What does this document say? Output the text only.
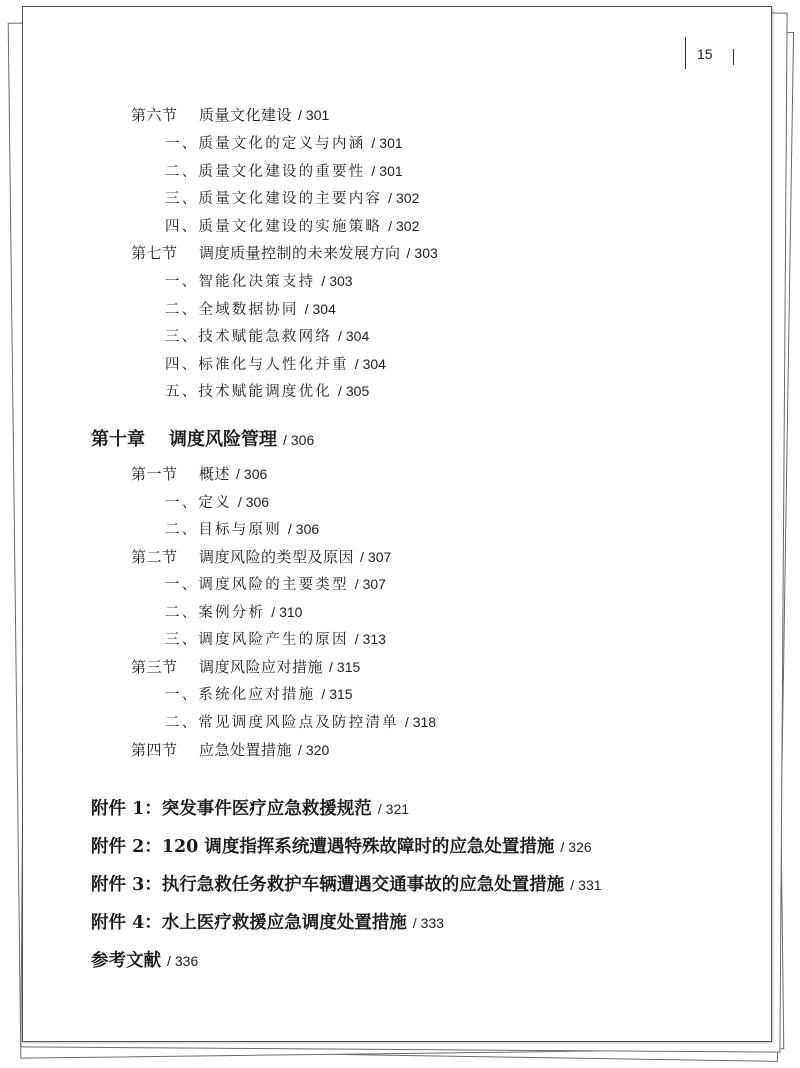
15
第六节 质量文化建设 / 301
一、质量文化的定义与内涵 / 301
二、质量文化建设的重要性 / 301
三、质量文化建设的主要内容 / 302
四、质量文化建设的实施策略 / 302
第七节 调度质量控制的未来发展方向 / 303
一、智能化决策支持 / 303
二、全域数据协同 / 304
三、技术赋能急救网络 / 304
四、标准化与人性化并重 / 304
五、技术赋能调度优化 / 305
第十章 调度风险管理 / 306
第一节 概述 / 306
一、定义 / 306
二、目标与原则 / 306
第二节 调度风险的类型及原因 / 307
一、调度风险的主要类型 / 307
二、案例分析 / 310
三、调度风险产生的原因 / 313
第三节 调度风险应对措施 / 315
一、系统化应对措施 / 315
二、常见调度风险点及防控清单 / 318
第四节 应急处置措施 / 320
附件 1：突发事件医疗应急救援规范 / 321
附件 2：120 调度指挥系统遭遇特殊故障时的应急处置措施 / 326
附件 3：执行急救任务救护车辆遭遇交通事故的应急处置措施 / 331
附件 4：水上医疗救援应急调度处置措施 / 333
参考文献 / 336
